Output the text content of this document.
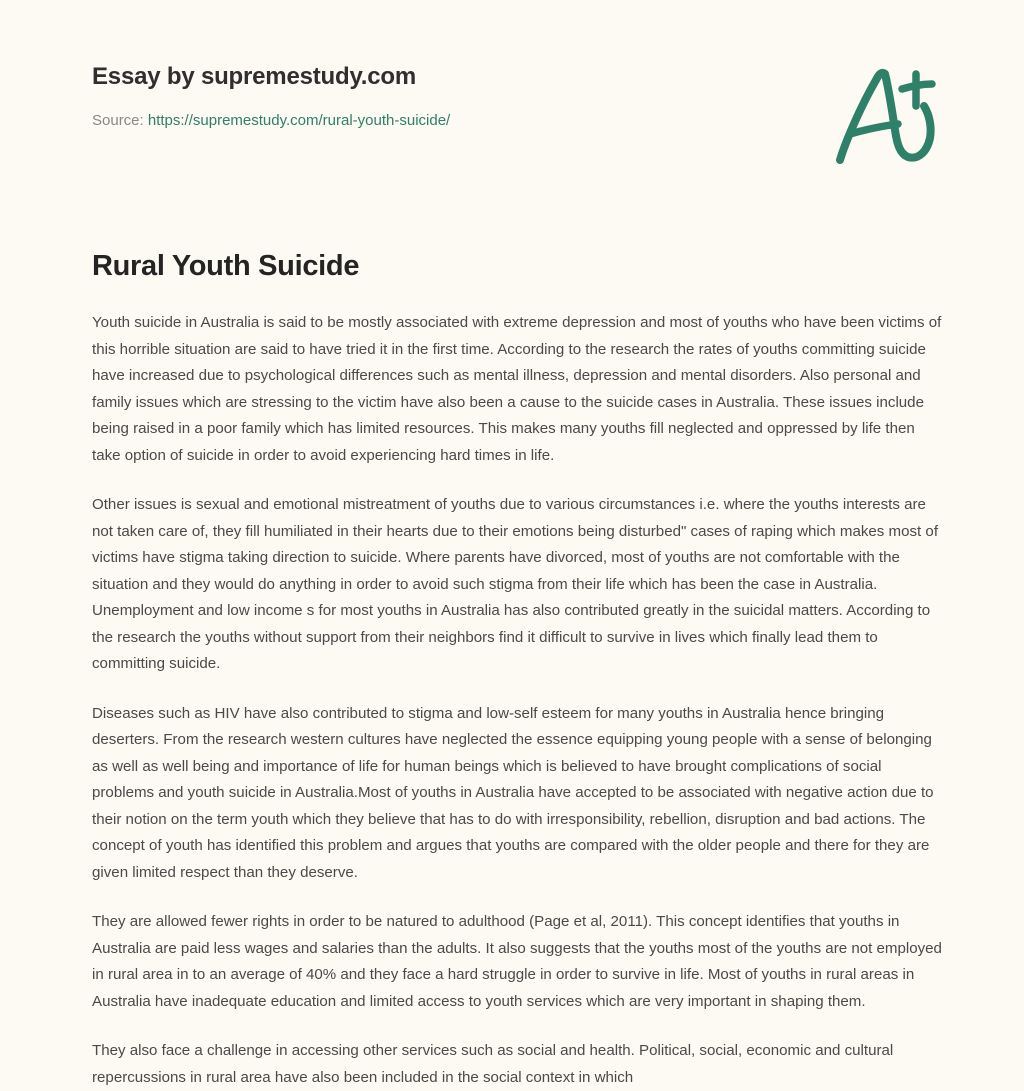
Essay by supremestudy.com
Source: https://supremestudy.com/rural-youth-suicide/
Rural Youth Suicide

Youth suicide in Australia is said to be mostly associated with extreme depression and most of youths who have been victims of this horrible situation are said to have tried it in the first time. According to the research the rates of youths committing suicide have increased due to psychological differences such as mental illness, depression and mental disorders. Also personal and family issues which are stressing to the victim have also been a cause to the suicide cases in Australia. These issues include being raised in a poor family which has limited resources. This makes many youths fill neglected and oppressed by life then take option of suicide in order to avoid experiencing hard times in life.

Other issues is sexual and emotional mistreatment of youths due to various circumstances i.e. where the youths interests are not taken care of, they fill humiliated in their hearts due to their emotions being disturbed" cases of raping which makes most of victims have stigma taking direction to suicide. Where parents have divorced, most of youths are not comfortable with the situation and they would do anything in order to avoid such stigma from their life which has been the case in Australia. Unemployment and low income s for most youths in Australia has also contributed greatly in the suicidal matters. According to the research the youths without support from their neighbors find it difficult to survive in lives which finally lead them to committing suicide.

Diseases such as HIV have also contributed to stigma and low-self esteem for many youths in Australia hence bringing deserters. From the research western cultures have neglected the essence equipping young people with a sense of belonging as well as well being and importance of life for human beings which is believed to have brought complications of social problems and youth suicide in Australia.Most of youths in Australia have accepted to be associated with negative action due to their notion on the term youth which they believe that has to do with irresponsibility, rebellion, disruption and bad actions. The concept of youth has identified this problem and argues that youths are compared with the older people and there for they are given limited respect than they deserve.

They are allowed fewer rights in order to be natured to adulthood (Page et al, 2011). This concept identifies that youths in Australia are paid less wages and salaries than the adults. It also suggests that the youths most of the youths are not employed in rural area in to an average of 40% and they face a hard struggle in order to survive in life. Most of youths in rural areas in Australia have inadequate education and limited access to youth services which are very important in shaping them.

They also face a challenge in accessing other services such as social and health. Political, social, economic and cultural repercussions in rural area have also been included in the social context in which
